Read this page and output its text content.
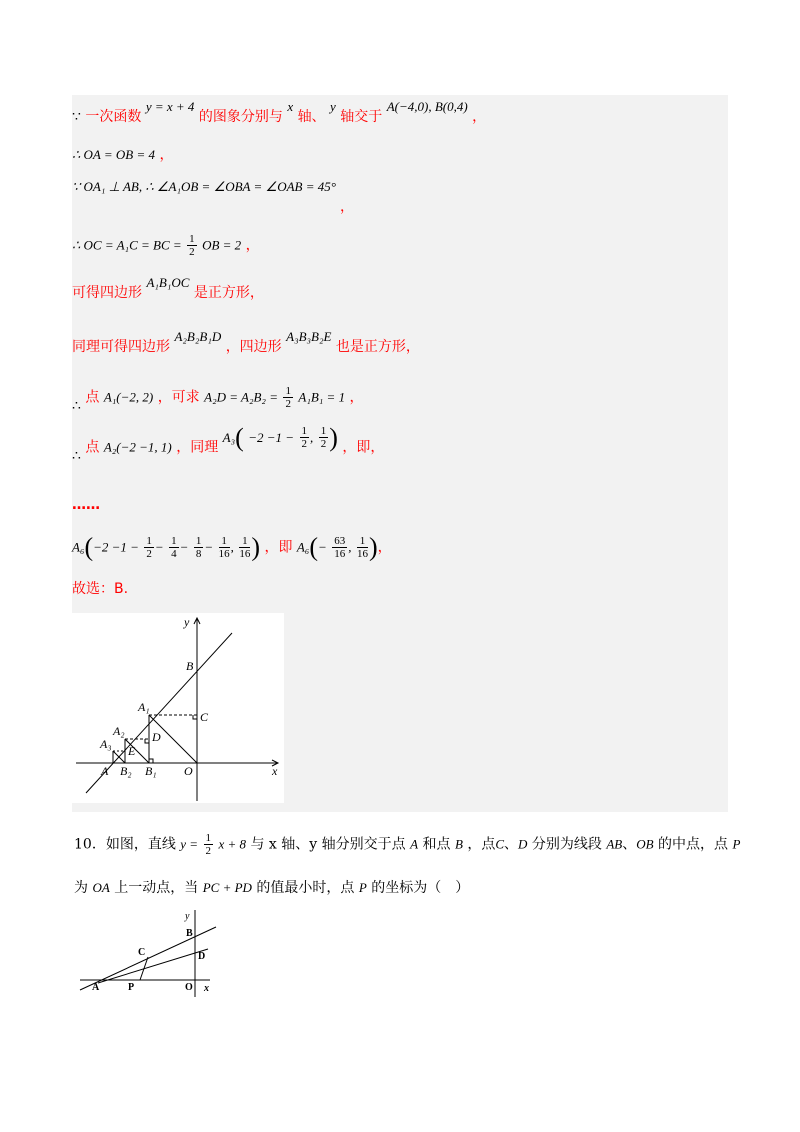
∵ 一次函数 y = x + 4 的图象分别与 x 轴、 y 轴交于 A(−4,0), B(0,4) ，
∴ OA = OB = 4 ，
∵ OA₁ ⊥ AB, ∴ ∠A₁OB = ∠OBA = ∠OAB = 45°
，
∴ OC = A₁C = BC = $\frac{1}{2}$ OB = 2 ，
可得四边形 A₁B₁OC 是正方形，
同理可得四边形 A₂B₂B₁D ，四边形 A₃B₃B₂E 也是正方形，
∴ 点 A₁(−2, 2) ，可求 $A_2D = A_2B_2 = \frac{1}{2} A_1B_1 = 1$ ，
∴ 点 A₂(−2 −1, 1) ，同理 $A_3( -2 -1 - \frac{1}{2}$ , $\frac{1}{2}$ ) ，即，
……
$A_6(-2 -1 - \frac{1}{2} - \frac{1}{4} - \frac{1}{8} - \frac{1}{16}$ , $\frac{1}{16}$ ) ，即 $A_6(- \frac{63}{16}$ , $\frac{1}{16}$ )，
故选：B.
y
x
B
A₁
C
A₂ D
A₃ E
A B₂ B₁ O
10．如图，直线 $y = \frac{1}{2}$ x + 8 与 x 轴、y 轴分别交于点 A 和点 B ，点C、D 分别为线段 AB、OB 的中点，点 P
为 OA 上一动点，当 PC + PD 的值最小时，点 P 的坐标为（　）
y
B
C	D
A	P	O x
